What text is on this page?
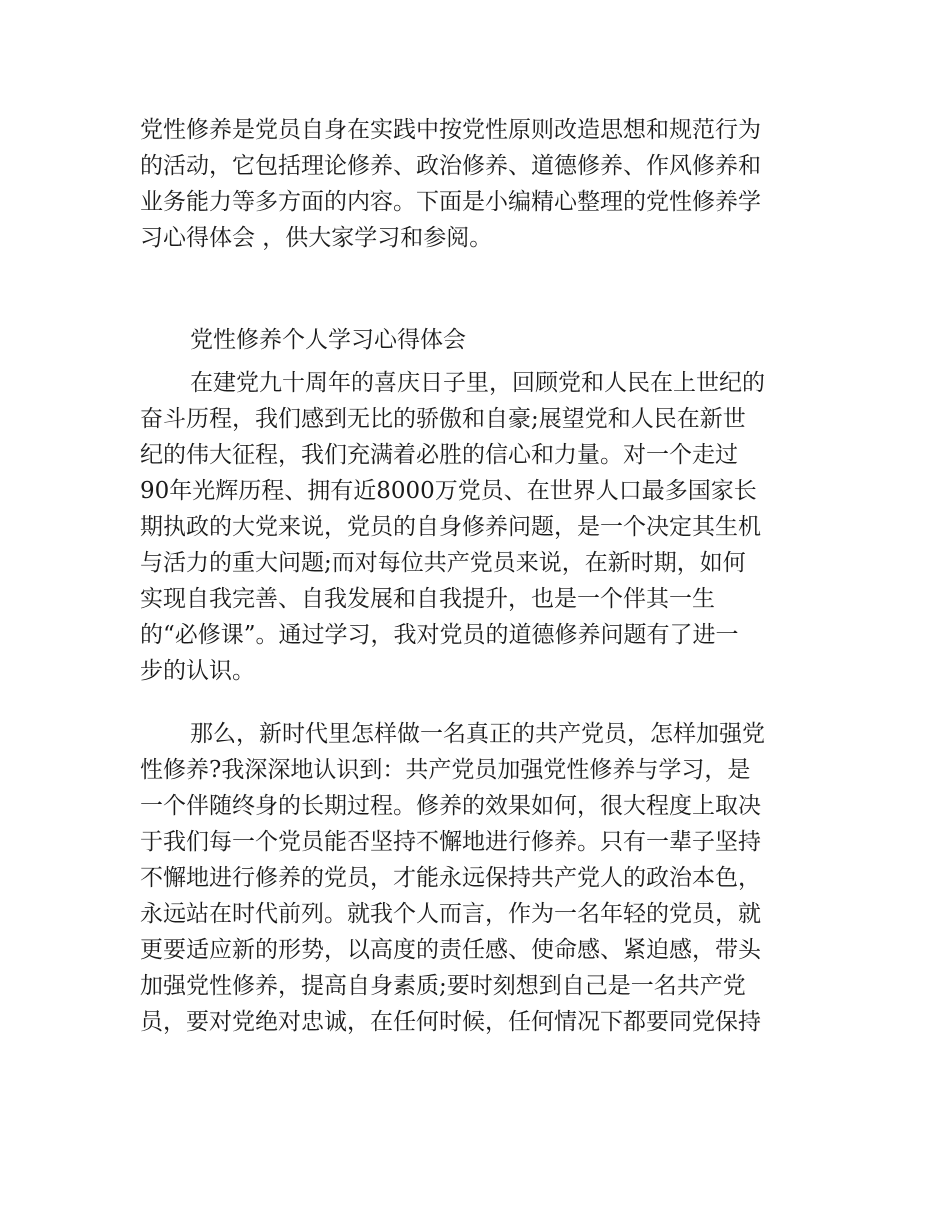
党性修养是党员自身在实践中按党性原则改造思想和规范行为
的活动，它包括理论修养、政治修养、道德修养、作风修养和
业务能力等多方面的内容。下面是小编精心整理的党性修养学
习心得体会 ，供大家学习和参阅。
党性修养个人学习心得体会
在建党九十周年的喜庆日子里，回顾党和人民在上世纪的
奋斗历程，我们感到无比的骄傲和自豪;展望党和人民在新世
纪的伟大征程，我们充满着必胜的信心和力量。对一个走过
90年光辉历程、拥有近8000万党员、在世界人口最多国家长
期执政的大党来说，党员的自身修养问题，是一个决定其生机
与活力的重大问题;而对每位共产党员来说，在新时期，如何
实现自我完善、自我发展和自我提升，也是一个伴其一生
的“必修课”。通过学习，我对党员的道德修养问题有了进一
步的认识。
那么，新时代里怎样做一名真正的共产党员，怎样加强党
性修养?我深深地认识到：共产党员加强党性修养与学习，是
一个伴随终身的长期过程。修养的效果如何，很大程度上取决
于我们每一个党员能否坚持不懈地进行修养。只有一辈子坚持
不懈地进行修养的党员，才能永远保持共产党人的政治本色，
永远站在时代前列。就我个人而言，作为一名年轻的党员，就
更要适应新的形势，以高度的责任感、使命感、紧迫感，带头
加强党性修养，提高自身素质;要时刻想到自己是一名共产党
员，要对党绝对忠诚，在任何时候，任何情况下都要同党保持
